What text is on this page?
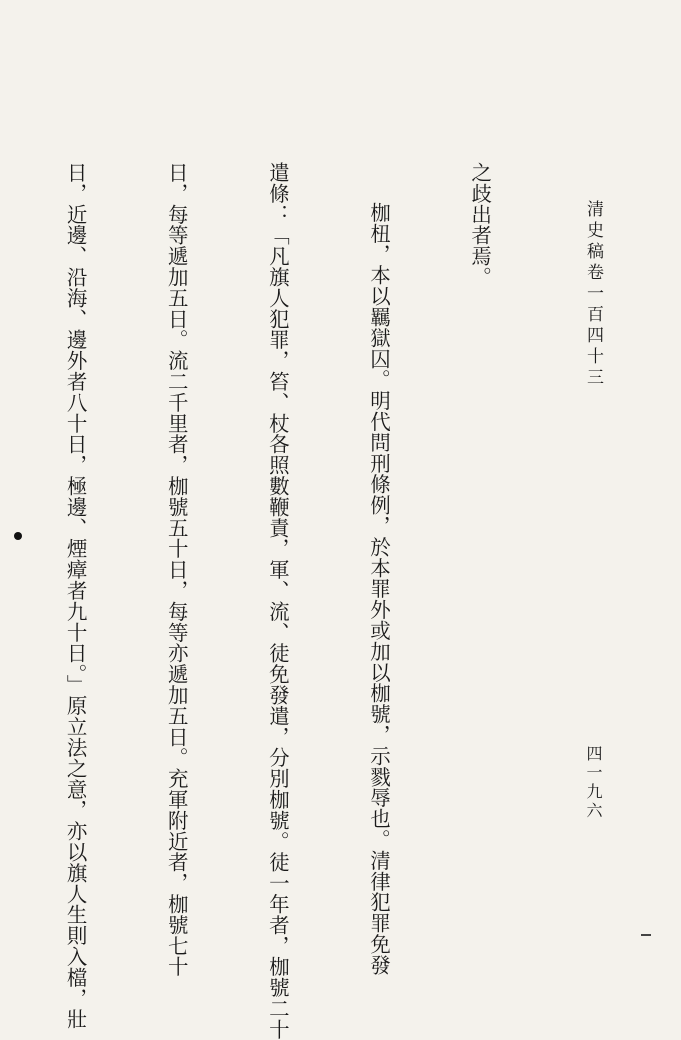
清史稿卷一百四十三
四一九六

之歧出者焉。

枷杻，本以羈獄囚。明代問刑條例，於本罪外或加以枷號，示戮辱也。清律犯罪免發

遣條：「凡旗人犯罪，笞、杖各照數鞭責，軍、流、徒免發遣，分別枷號。徒一年者，枷號二十

日，每等遞加五日。流二千里者，枷號五十日，每等亦遞加五日。充軍附近者，枷號七十

日，近邊、沿海、邊外者八十日，極邊、煙瘴者九十日。」原立法之意，亦以旗人生則入檔，壯
